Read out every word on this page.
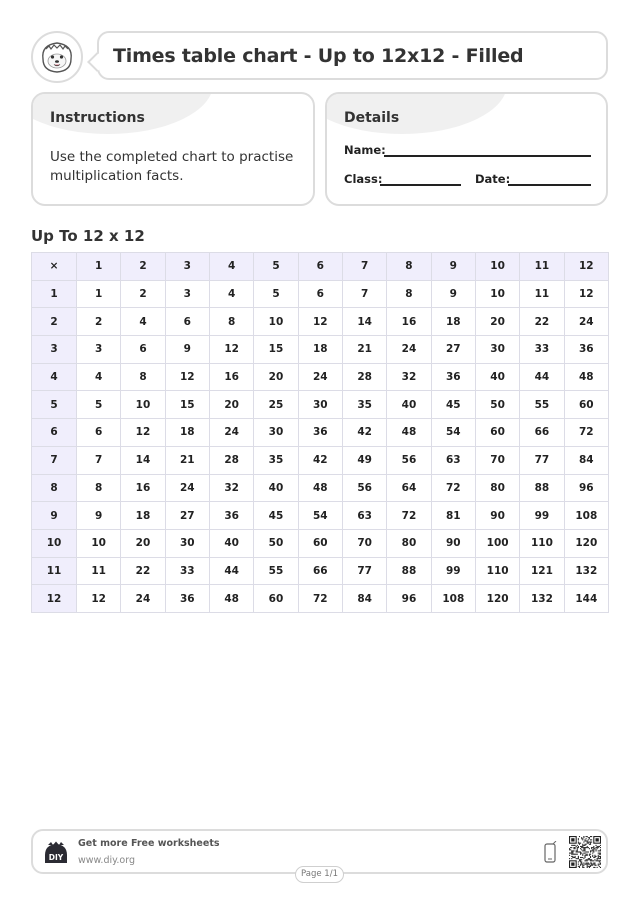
Times table chart - Up to 12x12 - Filled
Instructions

Use the completed chart to practise multiplication facts.

Details
Name:
Class:	Date:
Up To 12 x 12
×	1	2	3	4	5	6	7	8	9	10	11	12
1	1	2	3	4	5	6	7	8	9	10	11	12
2	2	4	6	8	10	12	14	16	18	20	22	24
3	3	6	9	12	15	18	21	24	27	30	33	36
4	4	8	12	16	20	24	28	32	36	40	44	48
5	5	10	15	20	25	30	35	40	45	50	55	60
6	6	12	18	24	30	36	42	48	54	60	66	72
7	7	14	21	28	35	42	49	56	63	70	77	84
8	8	16	24	32	40	48	56	64	72	80	88	96
9	9	18	27	36	45	54	63	72	81	90	99	108
10	10	20	30	40	50	60	70	80	90	100	110	120
11	11	22	33	44	55	66	77	88	99	110	121	132
12	12	24	36	48	60	72	84	96	108	120	132	144
DIY
Get more Free worksheets
www.diy.org
Page 1/1
